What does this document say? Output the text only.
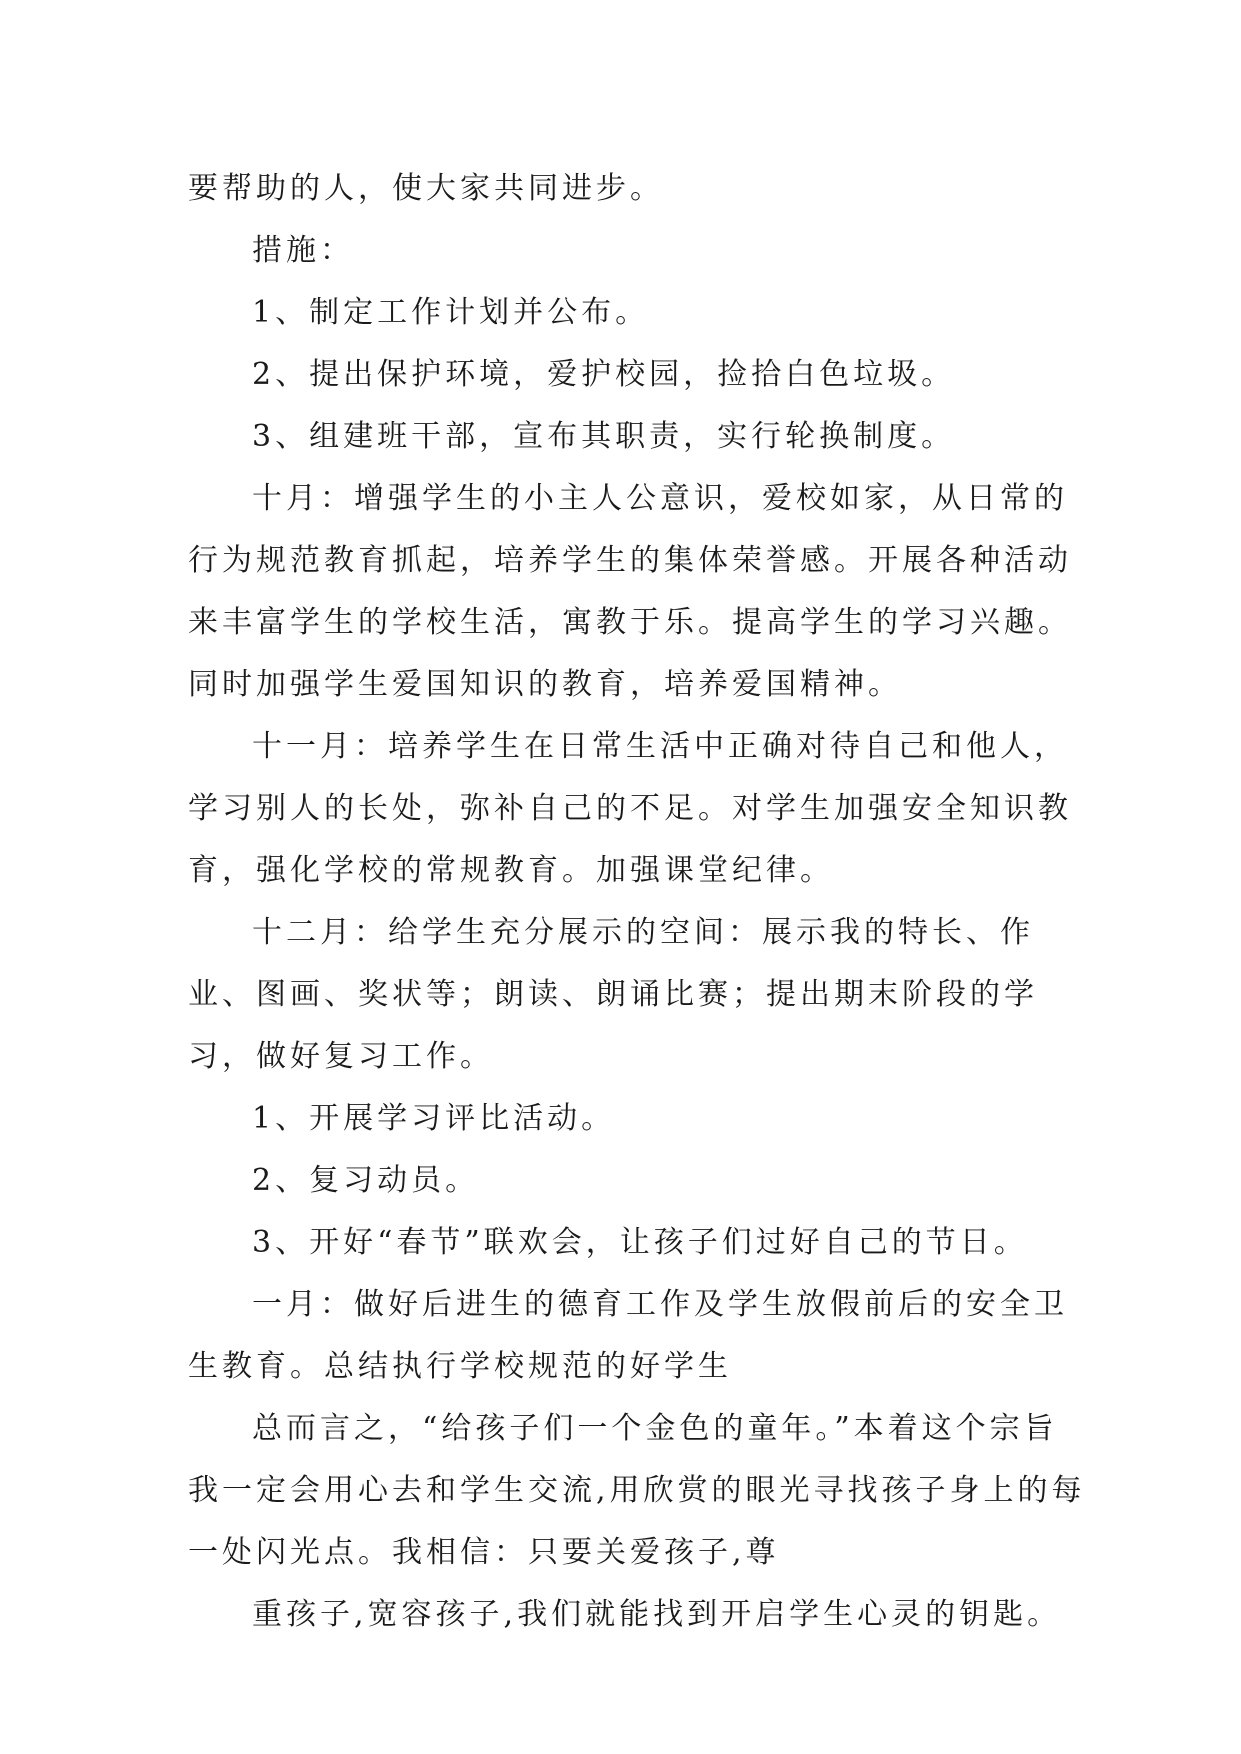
要帮助的人，使大家共同进步。

措施：

1、制定工作计划并公布。

2、提出保护环境，爱护校园，捡拾白色垃圾。

3、组建班干部，宣布其职责，实行轮换制度。

十月：增强学生的小主人公意识，爱校如家，从日常的行为规范教育抓起，培养学生的集体荣誉感。开展各种活动来丰富学生的学校生活，寓教于乐。提高学生的学习兴趣。同时加强学生爱国知识的教育，培养爱国精神。

十一月：培养学生在日常生活中正确对待自己和他人，学习别人的长处，弥补自己的不足。对学生加强安全知识教育，强化学校的常规教育。加强课堂纪律。

十二月：给学生充分展示的空间：展示我的特长、作业、图画、奖状等；朗读、朗诵比赛；提出期末阶段的学习，做好复习工作。

1、开展学习评比活动。

2、复习动员。

3、开好“春节”联欢会，让孩子们过好自己的节日。

一月：做好后进生的德育工作及学生放假前后的安全卫生教育。总结执行学校规范的好学生

总而言之，“给孩子们一个金色的童年。”本着这个宗旨我一定会用心去和学生交流,用欣赏的眼光寻找孩子身上的每一处闪光点。我相信：只要关爱孩子,尊

重孩子,宽容孩子,我们就能找到开启学生心灵的钥匙。
